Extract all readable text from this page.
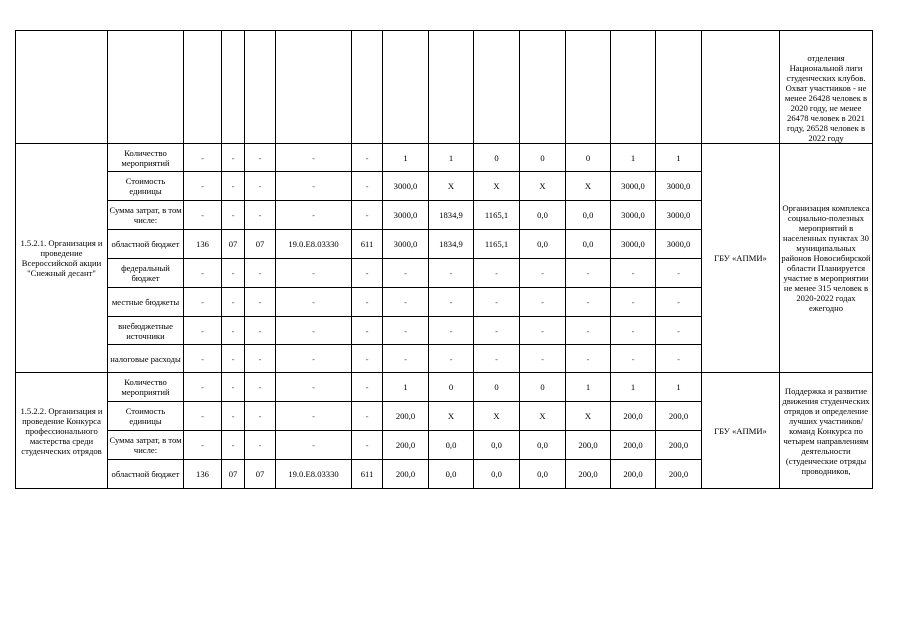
															отделения Национальной лиги студенческих клубов. Охват участников - не менее 26428 человек в 2020 году, не менее 26478 человек в 2021 году, 26528 человек в 2022 году
1.5.2.1. Организация и проведение Всероссийской акции "Снежный десант"	Количество мероприятий	-	-	-	-	-	1	1	0	0	0	1	1	ГБУ «АПМИ»	Организация комплекса социально-полезных мероприятий в населенных пунктах 30 муниципальных районов Новосибирской области Планируется участие в мероприятии не менее 315 человек в 2020-2022 годах ежегодно
	Стоимость единицы	-	-	-	-	-	3000,0	Х	Х	Х	Х	3000,0	3000,0		
	Сумма затрат, в том числе:	-	-	-	-	-	3000,0	1834,9	1165,1	0,0	0,0	3000,0	3000,0		
	областной бюджет	136	07	07	19.0.E8.03330	611	3000,0	1834,9	1165,1	0,0	0,0	3000,0	3000,0		
	федеральный бюджет	-	-	-	-	-	-	-	-	-	-	-	-		
	местные бюджеты	-	-	-	-	-	-	-	-	-	-	-	-		
	внебюджетные источники	-	-	-	-	-	-	-	-	-	-	-	-		
	налоговые расходы	-	-	-	-	-	-	-	-	-	-	-	-		
1.5.2.2. Организация и проведение Конкурса профессионального мастерства среди студенческих отрядов	Количество мероприятий	-	-	-	-	-	1	0	0	0	1	1	1	ГБУ «АПМИ»	Поддержка и развитие движения студенческих отрядов и определение лучших участников/команд Конкурса по четырем направлениям деятельности (студенческие отряды проводников,
	Стоимость единицы	-	-	-	-	-	200,0	Х	Х	Х	Х	200,0	200,0		
	Сумма затрат, в том числе:	-	-	-	-	-	200,0	0,0	0,0	0,0	200,0	200,0	200,0		
	областной бюджет	136	07	07	19.0.E8.03330	611	200,0	0,0	0,0	0,0	200,0	200,0	200,0		
